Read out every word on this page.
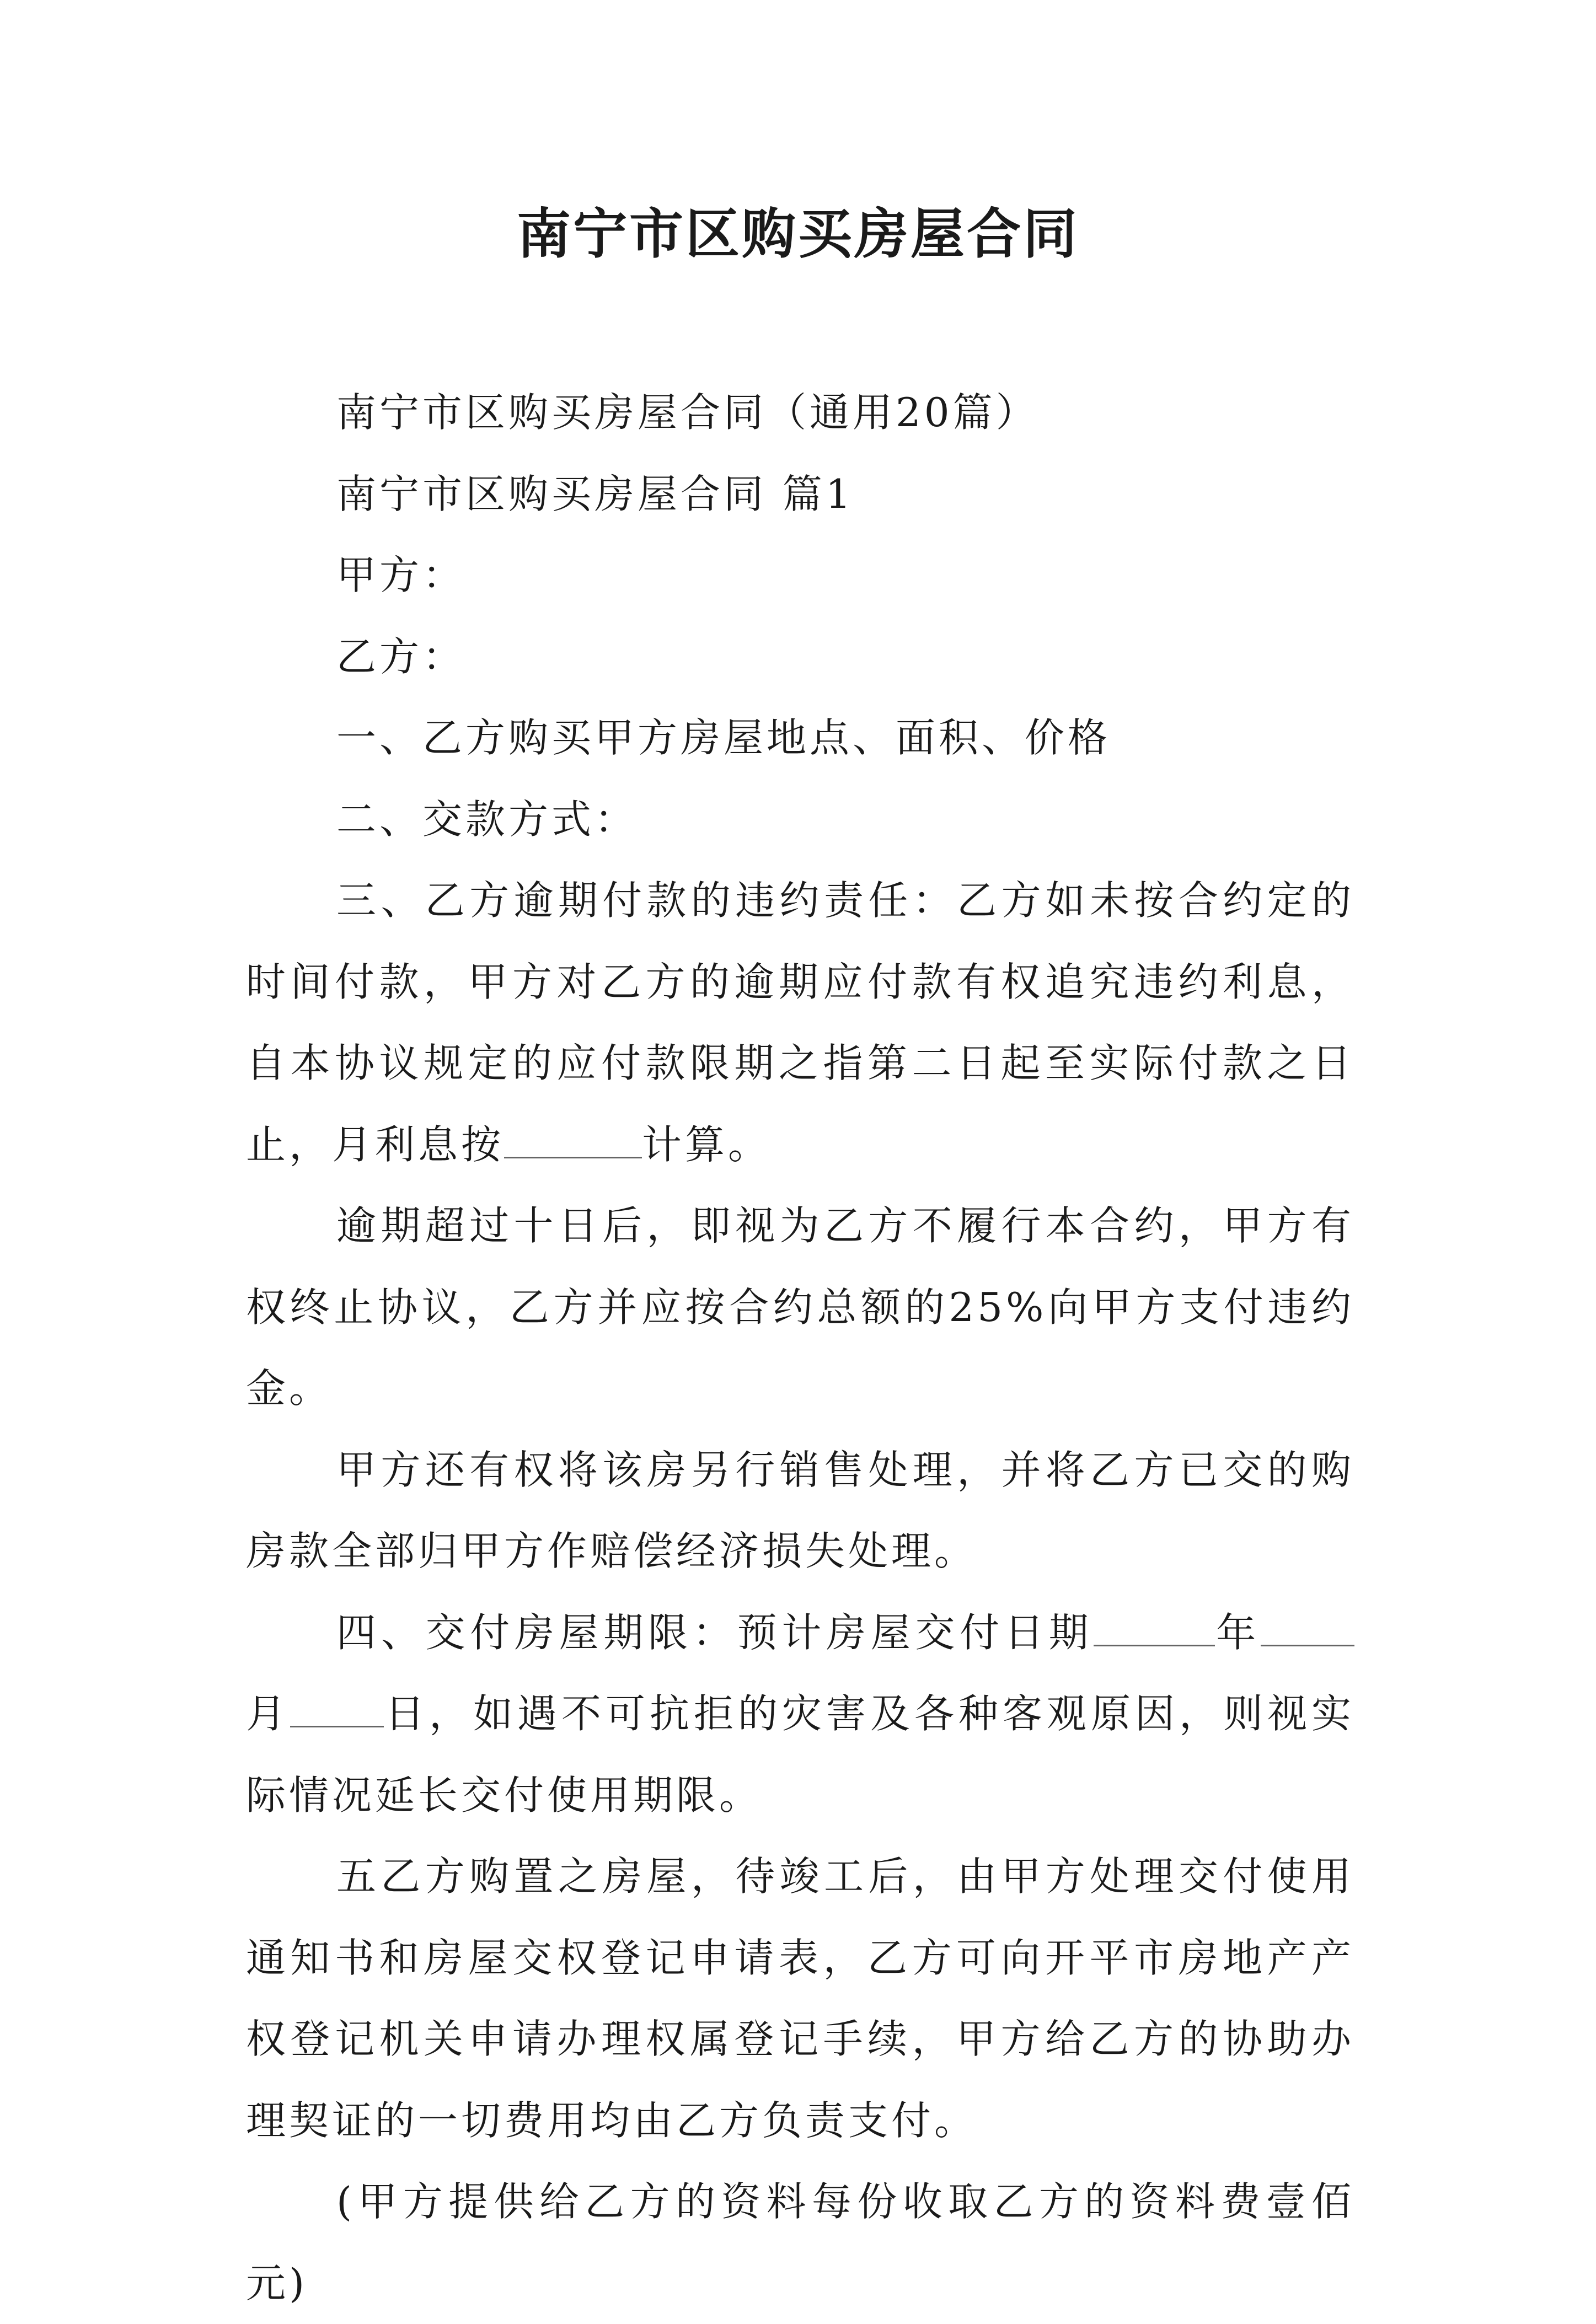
南宁市区购买房屋合同

南宁市区购买房屋合同（通用20篇）

南宁市区购买房屋合同 篇1

甲方：

乙方：

一、乙方购买甲方房屋地点、面积、价格

二、交款方式：

三、乙方逾期付款的违约责任：乙方如未按合约定的时间付款，甲方对乙方的逾期应付款有权追究违约利息，自本协议规定的应付款限期之指第二日起至实际付款之日止，月利息按	计算。

逾期超过十日后，即视为乙方不履行本合约，甲方有权终止协议，乙方并应按合约总额的25%向甲方支付违约金。

甲方还有权将该房另行销售处理，并将乙方已交的购房款全部归甲方作赔偿经济损失处理。

四、交付房屋期限：预计房屋交付日期	年月 日，如遇不可抗拒的灾害及各种客观原因，则视实际情况延长交付使用期限。

五乙方购置之房屋，待竣工后，由甲方处理交付使用通知书和房屋交权登记申请表，乙方可向开平市房地产产权登记机关申请办理权属登记手续，甲方给乙方的协助办理契证的一切费用均由乙方负责支付。

(甲方提供给乙方的资料每份收取乙方的资料费壹佰元)
